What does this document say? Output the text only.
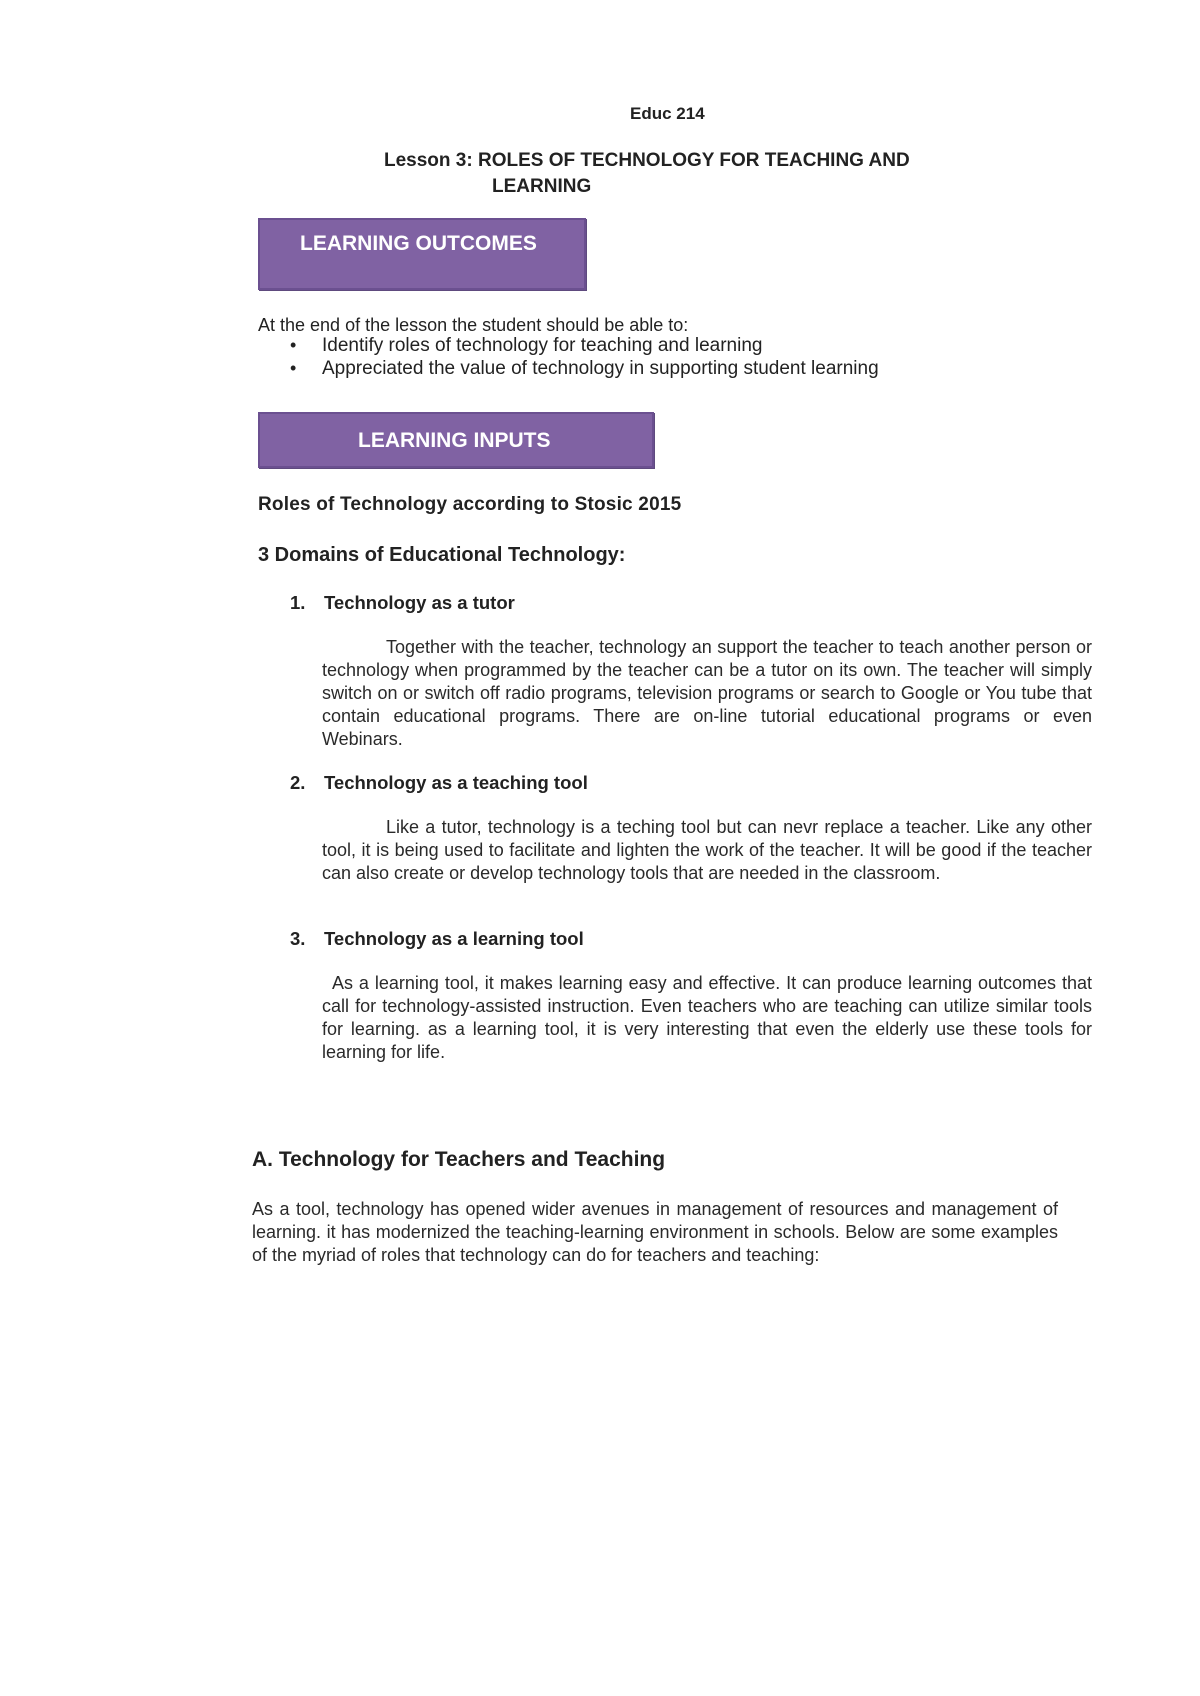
Educ 214
Lesson 3: ROLES OF TECHNOLOGY FOR TEACHING AND
LEARNING
LEARNING OUTCOMES
At the end of the lesson the student should be able to:
• Identify roles of technology for teaching and learning
• Appreciated the value of technology in supporting student learning
LEARNING INPUTS
Roles of Technology according to Stosic 2015
3 Domains of Educational Technology:
1. Technology as a tutor
Together with the teacher, technology an support the teacher to teach another person or technology when programmed by the teacher can be a tutor on its own. The teacher will simply switch on or switch off radio programs, television programs or search to Google or You tube that contain educational programs. There are on-line tutorial educational programs or even Webinars.
2. Technology as a teaching tool
Like a tutor, technology is a teching tool but can nevr replace a teacher. Like any other tool, it is being used to facilitate and lighten the work of the teacher. It will be good if the teacher can also create or develop technology tools that are needed in the classroom.
3. Technology as a learning tool
As a learning tool, it makes learning easy and effective. It can produce learning outcomes that call for technology-assisted instruction. Even teachers who are teaching can utilize similar tools for learning. as a learning tool, it is very interesting that even the elderly use these tools for learning for life.
A. Technology for Teachers and Teaching
As a tool, technology has opened wider avenues in management of resources and management of learning. it has modernized the teaching-learning environment in schools. Below are some examples of the myriad of roles that technology can do for teachers and teaching:
